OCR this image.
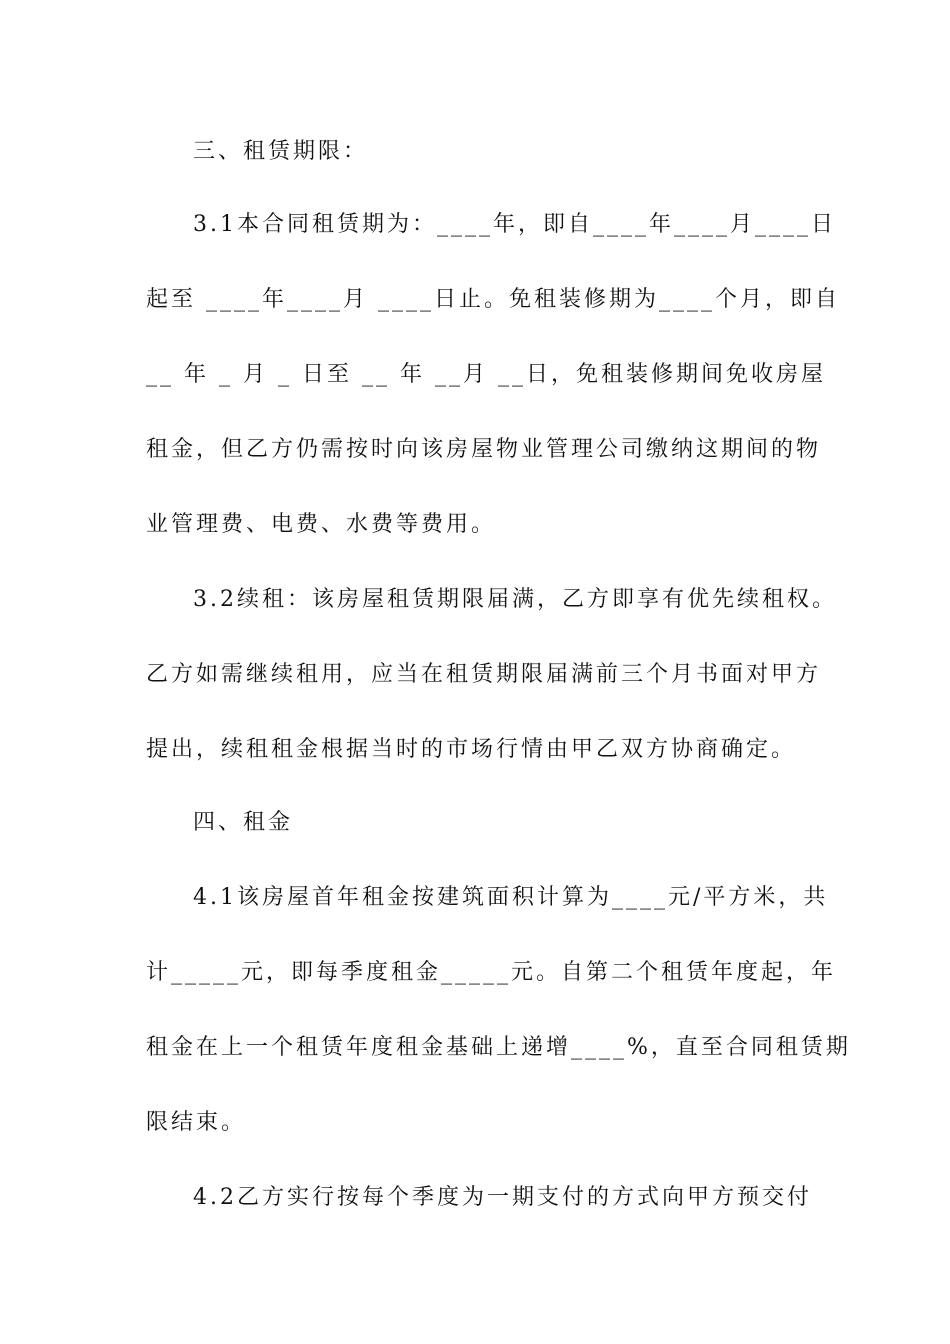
三、租赁期限：
3.1本合同租赁期为：____年，即自____年____月____日
起至 ____年____月 ____日止。免租装修期为____个月，即自
__ 年 _ 月 _ 日至 __ 年 __月 __日，免租装修期间免收房屋
租金，但乙方仍需按时向该房屋物业管理公司缴纳这期间的物
业管理费、电费、水费等费用。
3.2续租：该房屋租赁期限届满，乙方即享有优先续租权。
乙方如需继续租用，应当在租赁期限届满前三个月书面对甲方
提出，续租租金根据当时的市场行情由甲乙双方协商确定。
四、租金
4.1该房屋首年租金按建筑面积计算为____元/平方米，共
计_____元，即每季度租金_____元。自第二个租赁年度起，年
租金在上一个租赁年度租金基础上递增____%，直至合同租赁期
限结束。
4.2乙方实行按每个季度为一期支付的方式向甲方预交付
